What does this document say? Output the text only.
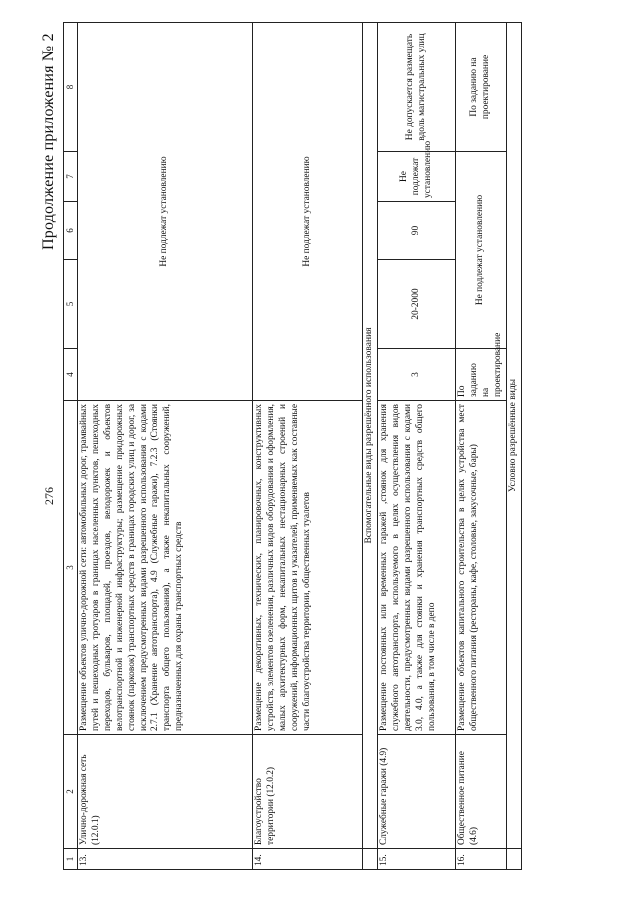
276
Продолжение приложения № 2
1	2	3	4	5	6	7	8
13.	Улично-дорожная сеть (12.0.1)	Размещение объектов улично-дорожной сети: автомобильных дорог, трамвайных путей и пешеходных тротуаров в границах населенных пунктов, пешеходных переходов, бульваров, площадей, проездов, велодорожек и объектов велотранспортной и инженерной инфраструктуры; размещение придорожных стоянок (парковок) транспортных средств в границах городских улиц и дорог, за исключением предусмотренных видами разрешенного использования с кодами 2.7.1 (Хранение автотранспорта), 4.9 (Служебные гаражи), 7.2.3 (Стоянки транспорта общего пользования), а также некапитальных сооружений, предназначенных для охраны транспортных средств	Не подлежат установлению				
14.	Благоустройство территории (12.0.2)	Размещение декоративных, технических, планировочных, конструктивных устройств, элементов озеленения, различных видов оборудования и оформления, малых архитектурных форм, некапитальных нестационарных строений и сооружений, информационных щитов и указателей, применяемых как составные части благоустройства территории, общественных туалетов	Не подлежат установлению				
	Вспомогательные виды разрешённого использования						
15.	Служебные гаражи (4.9)	Размещение постоянных или временных гаражей ,стоянок для хранения служебного автотранспорта, используемого в целях осуществления видов деятельности, предусмотренных видами разрешенного использования с кодами 3.0, 4.0, а также для стоянки и хранения транспортных средств общего пользования, в том числе в депо	3	20-2000	90	Не подлежат установлению	Не допускается размещать вдоль магистральных улиц
16.	Общественное питание (4.6)	Размещение объектов капитального строительства в целях устройства мест общественного питания (рестораны, кафе, столовые, закусочные, бары)	По заданию на проектирование	Не подлежат установлению			По заданию на проектирование
	Условно разрешённые виды						
